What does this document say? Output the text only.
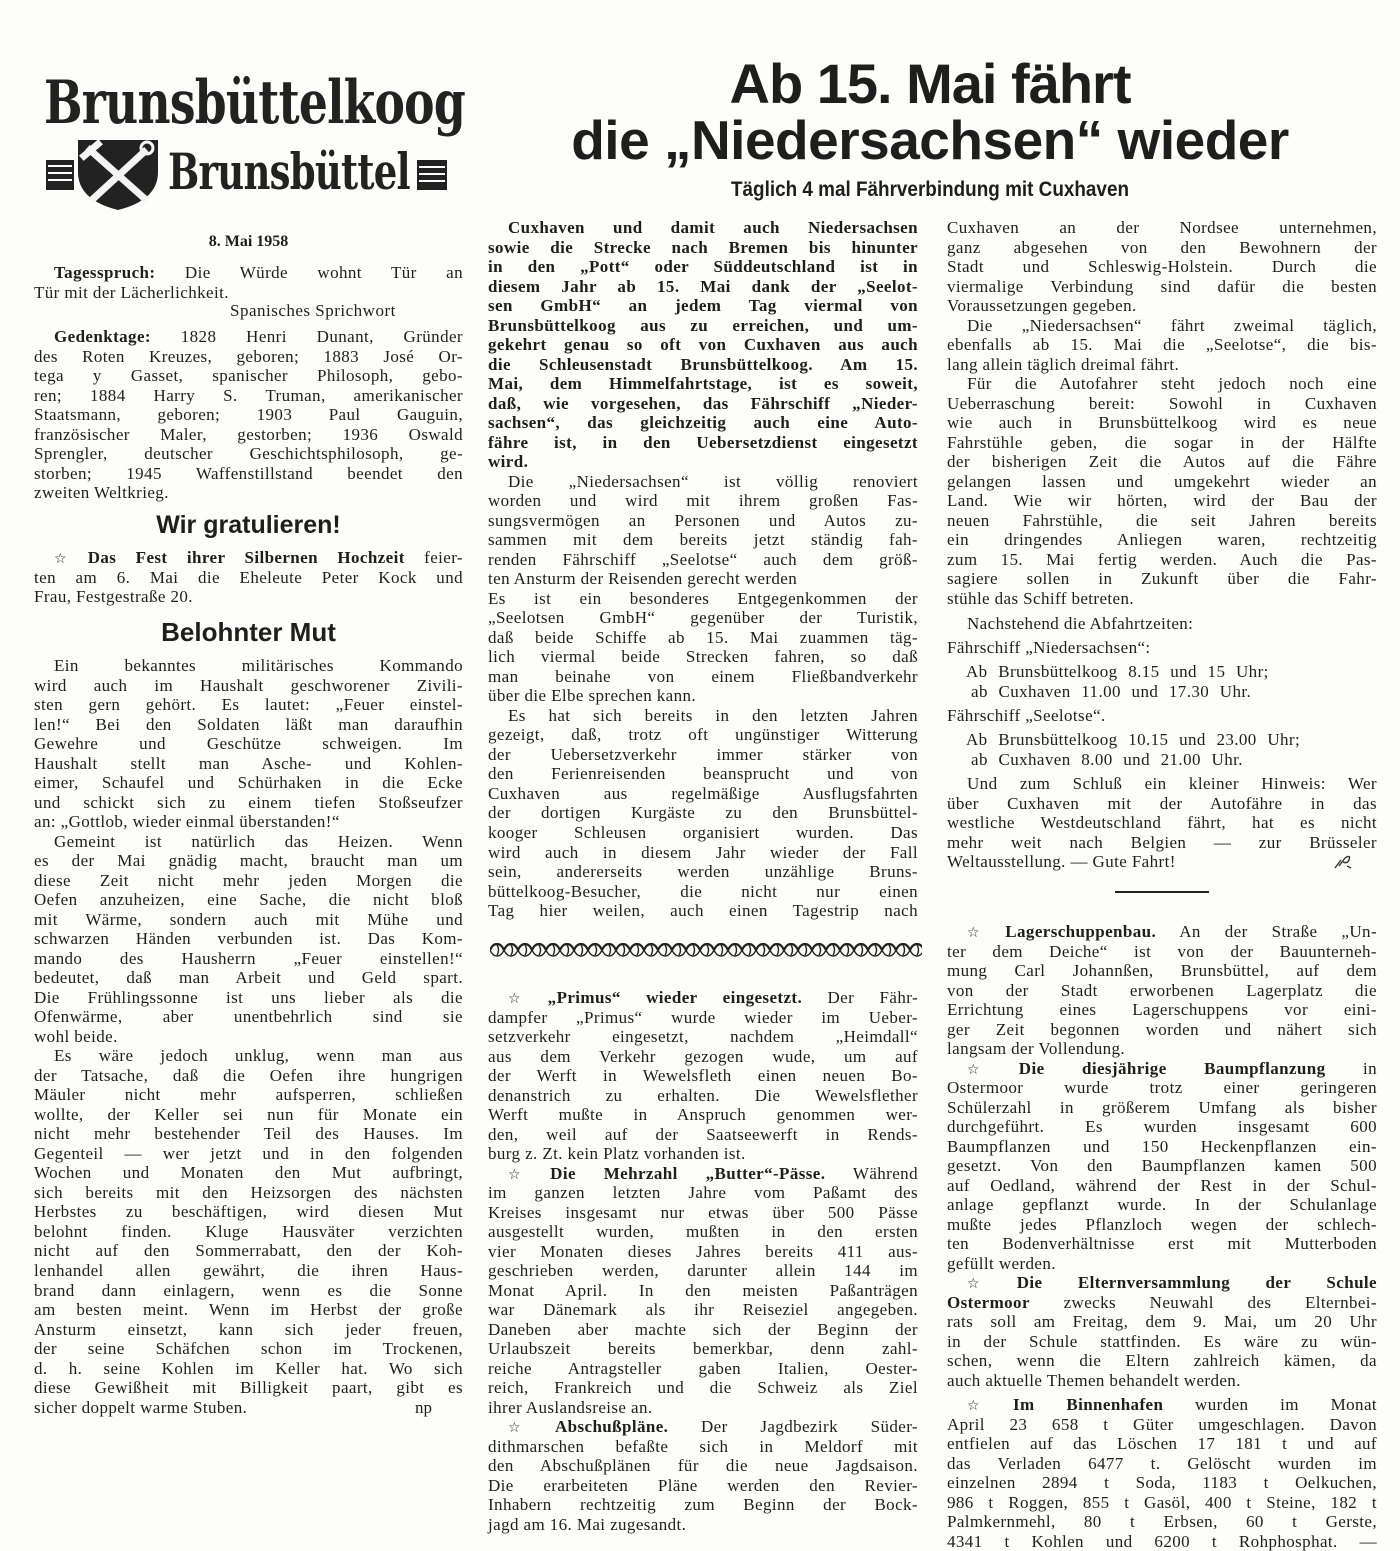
Brunsbüttelkoog
Brunsbüttel
Ab 15. Mai fährt
die „Niedersachsen“ wieder
Täglich 4 mal Fährverbindung mit Cuxhaven
8. Mai 1958
Tagesspruch: Die Würde wohnt Tür an
Tür mit der Lächerlichkeit.
Spanisches Sprichwort
Gedenktage: 1828 Henri Dunant, Gründer
des Roten Kreuzes, geboren; 1883 José Or-
tega y Gasset, spanischer Philosoph, gebo-
ren; 1884 Harry S. Truman, amerikanischer
Staatsmann, geboren; 1903 Paul Gauguin,
französischer Maler, gestorben; 1936 Oswald
Sprengler, deutscher Geschichtsphilosoph, ge-
storben; 1945 Waffenstillstand beendet den
zweiten Weltkrieg.
Wir gratulieren!
☆ Das Fest ihrer Silbernen Hochzeit feier-
ten am 6. Mai die Eheleute Peter Kock und
Frau, Festgestraße 20.
Belohnter Mut
Ein bekanntes militärisches Kommando
wird auch im Haushalt geschworener Zivili-
sten gern gehört. Es lautet: „Feuer einstel-
len!“ Bei den Soldaten läßt man daraufhin
Gewehre und Geschütze schweigen. Im
Haushalt stellt man Asche- und Kohlen-
eimer, Schaufel und Schürhaken in die Ecke
und schickt sich zu einem tiefen Stoßseufzer
an: „Gottlob, wieder einmal überstanden!“
Gemeint ist natürlich das Heizen. Wenn
es der Mai gnädig macht, braucht man um
diese Zeit nicht mehr jeden Morgen die
Oefen anzuheizen, eine Sache, die nicht bloß
mit Wärme, sondern auch mit Mühe und
schwarzen Händen verbunden ist. Das Kom-
mando des Hausherrn „Feuer einstellen!“
bedeutet, daß man Arbeit und Geld spart.
Die Frühlingssonne ist uns lieber als die
Ofenwärme, aber unentbehrlich sind sie
wohl beide.
Es wäre jedoch unklug, wenn man aus
der Tatsache, daß die Oefen ihre hungrigen
Mäuler nicht mehr aufsperren, schließen
wollte, der Keller sei nun für Monate ein
nicht mehr bestehender Teil des Hauses. Im
Gegenteil — wer jetzt und in den folgenden
Wochen und Monaten den Mut aufbringt,
sich bereits mit den Heizsorgen des nächsten
Herbstes zu beschäftigen, wird diesen Mut
belohnt finden. Kluge Hausväter verzichten
nicht auf den Sommerrabatt, den der Koh-
lenhandel allen gewährt, die ihren Haus-
brand dann einlagern, wenn es die Sonne
am besten meint. Wenn im Herbst der große
Ansturm einsetzt, kann sich jeder freuen,
der seine Schäfchen schon im Trockenen,
d. h. seine Kohlen im Keller hat. Wo sich
diese Gewißheit mit Billigkeit paart, gibt es
sicher doppelt warme Stuben.	np
Cuxhaven und damit auch Niedersachsen
sowie die Strecke nach Bremen bis hinunter
in den „Pott“ oder Süddeutschland ist in
diesem Jahr ab 15. Mai dank der „Seelot-
sen GmbH“ an jedem Tag viermal von
Brunsbüttelkoog aus zu erreichen, und um-
gekehrt genau so oft von Cuxhaven aus auch
die Schleusenstadt Brunsbüttelkoog. Am 15.
Mai, dem Himmelfahrtstage, ist es soweit,
daß, wie vorgesehen, das Fährschiff „Nieder-
sachsen“, das gleichzeitig auch eine Auto-
fähre ist, in den Uebersetzdienst eingesetzt
wird.
Die „Niedersachsen“ ist völlig renoviert
worden und wird mit ihrem großen Fas-
sungsvermögen an Personen und Autos zu-
sammen mit dem bereits jetzt ständig fah-
renden Fährschiff „Seelotse“ auch dem größ-
ten Ansturm der Reisenden gerecht werden
Es ist ein besonderes Entgegenkommen der
„Seelotsen GmbH“ gegenüber der Turistik,
daß beide Schiffe ab 15. Mai zuammen täg-
lich viermal beide Strecken fahren, so daß
man beinahe von einem Fließbandverkehr
über die Elbe sprechen kann.
Es hat sich bereits in den letzten Jahren
gezeigt, daß, trotz oft ungünstiger Witterung
der Uebersetzverkehr immer stärker von
den Ferienreisenden beansprucht und von
Cuxhaven aus regelmäßige Ausflugsfahrten
der dortigen Kurgäste zu den Brunsbüttel-
kooger Schleusen organisiert wurden. Das
wird auch in diesem Jahr wieder der Fall
sein, andererseits werden unzählige Bruns-
büttelkoog-Besucher, die nicht nur einen
Tag hier weilen, auch einen Tagestrip nach
☆ „Primus“ wieder eingesetzt. Der Fähr-
dampfer „Primus“ wurde wieder im Ueber-
setzverkehr eingesetzt, nachdem „Heimdall“
aus dem Verkehr gezogen wude, um auf
der Werft in Wewelsfleth einen neuen Bo-
denanstrich zu erhalten. Die Wewelsflether
Werft mußte in Anspruch genommen wer-
den, weil auf der Saatseewerft in Rends-
burg z. Zt. kein Platz vorhanden ist.
☆ Die Mehrzahl „Butter“-Pässe. Während
im ganzen letzten Jahre vom Paßamt des
Kreises insgesamt nur etwas über 500 Pässe
ausgestellt wurden, mußten in den ersten
vier Monaten dieses Jahres bereits 411 aus-
geschrieben werden, darunter allein 144 im
Monat April. In den meisten Paßanträgen
war Dänemark als ihr Reiseziel angegeben.
Daneben aber machte sich der Beginn der
Urlaubszeit bereits bemerkbar, denn zahl-
reiche Antragsteller gaben Italien, Oester-
reich, Frankreich und die Schweiz als Ziel
ihrer Auslandsreise an.
☆ Abschußpläne. Der Jagdbezirk Süder-
dithmarschen befaßte sich in Meldorf mit
den Abschußplänen für die neue Jagdsaison.
Die erarbeiteten Pläne werden den Revier-
Inhabern rechtzeitig zum Beginn der Bock-
jagd am 16. Mai zugesandt.
Cuxhaven an der Nordsee unternehmen,
ganz abgesehen von den Bewohnern der
Stadt und Schleswig-Holstein. Durch die
viermalige Verbindung sind dafür die besten
Voraussetzungen gegeben.
Die „Niedersachsen“ fährt zweimal täglich,
ebenfalls ab 15. Mai die „Seelotse“, die bis-
lang allein täglich dreimal fährt.
Für die Autofahrer steht jedoch noch eine
Ueberraschung bereit: Sowohl in Cuxhaven
wie auch in Brunsbüttelkoog wird es neue
Fahrstühle geben, die sogar in der Hälfte
der bisherigen Zeit die Autos auf die Fähre
gelangen lassen und umgekehrt wieder an
Land. Wie wir hörten, wird der Bau der
neuen Fahrstühle, die seit Jahren bereits
ein dringendes Anliegen waren, rechtzeitig
zum 15. Mai fertig werden. Auch die Pas-
sagiere sollen in Zukunft über die Fahr-
stühle das Schiff betreten.
Nachstehend die Abfahrtzeiten:
Fährschiff „Niedersachsen“:
Ab Brunsbüttelkoog 8.15 und 15 Uhr;
ab Cuxhaven 11.00 und 17.30 Uhr.
Fährschiff „Seelotse“.
Ab Brunsbüttelkoog 10.15 und 23.00 Uhr;
ab Cuxhaven 8.00 und 21.00 Uhr.
Und zum Schluß ein kleiner Hinweis: Wer
über Cuxhaven mit der Autofähre in das
westliche Westdeutschland fährt, hat es nicht
mehr weit nach Belgien — zur Brüsseler
Weltausstellung. — Gute Fahrt!
☆ Lagerschuppenbau. An der Straße „Un-
ter dem Deiche“ ist von der Bauunterneh-
mung Carl Johannßen, Brunsbüttel, auf dem
von der Stadt erworbenen Lagerplatz die
Errichtung eines Lagerschuppens vor eini-
ger Zeit begonnen worden und nähert sich
langsam der Vollendung.
☆ Die diesjährige Baumpflanzung in
Ostermoor wurde trotz einer geringeren
Schülerzahl in größerem Umfang als bisher
durchgeführt. Es wurden insgesamt 600
Baumpflanzen und 150 Heckenpflanzen ein-
gesetzt. Von den Baumpflanzen kamen 500
auf Oedland, während der Rest in der Schul-
anlage gepflanzt wurde. In der Schulanlage
mußte jedes Pflanzloch wegen der schlech-
ten Bodenverhältnisse erst mit Mutterboden
gefüllt werden.
☆ Die Elternversammlung der Schule
Ostermoor zwecks Neuwahl des Elternbei-
rats soll am Freitag, dem 9. Mai, um 20 Uhr
in der Schule stattfinden. Es wäre zu wün-
schen, wenn die Eltern zahlreich kämen, da
auch aktuelle Themen behandelt werden.
☆ Im Binnenhafen wurden im Monat
April 23 658 t Güter umgeschlagen. Davon
entfielen auf das Löschen 17 181 t und auf
das Verladen 6477 t. Gelöscht wurden im
einzelnen 2894 t Soda, 1183 t Oelkuchen,
986 t Roggen, 855 t Gasöl, 400 t Steine, 182 t
Palmkernmehl, 80 t Erbsen, 60 t Gerste,
4341 t Kohlen und 6200 t Rohphosphat. —
